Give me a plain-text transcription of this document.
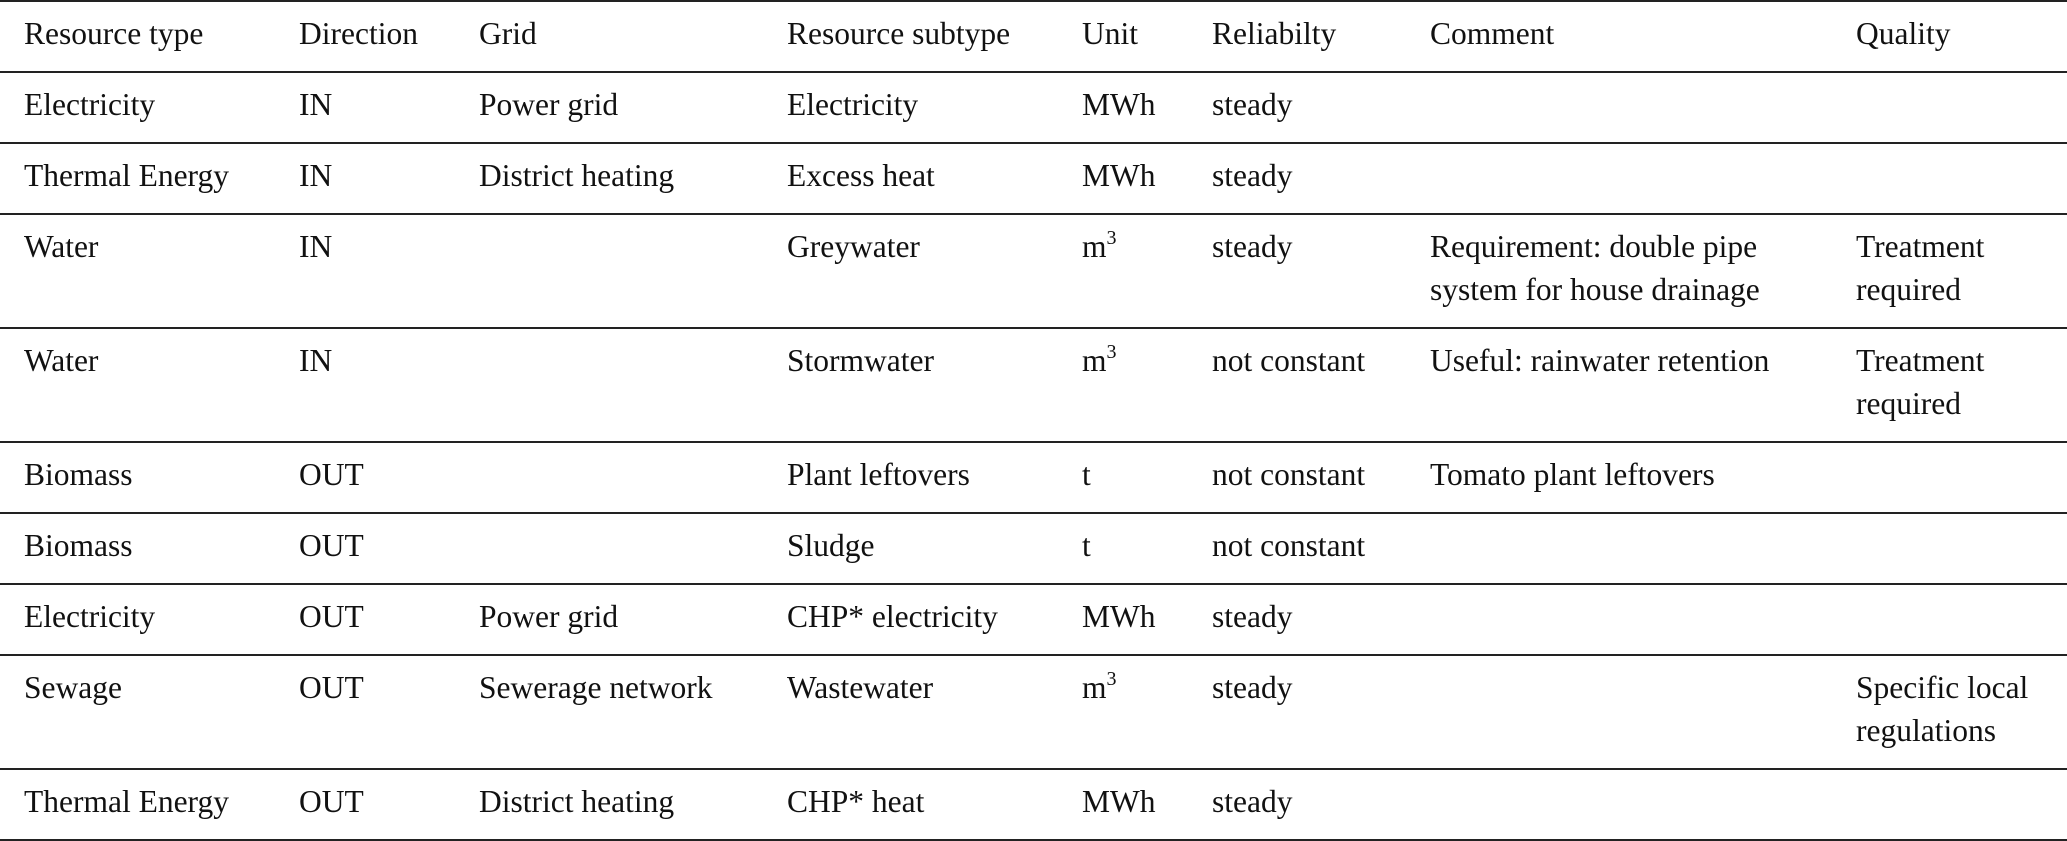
Resource type	Direction	Grid	Resource subtype	Unit	Reliabilty	Comment	Quality
Electricity	IN	Power grid	Electricity	MWh	steady		
Thermal Energy	IN	District heating	Excess heat	MWh	steady		
Water	IN		Greywater	$m^3$	steady	Requirement: double pipe system for house drainage	Treatment required
Water	IN		Stormwater	$m^3$	not constant	Useful: rainwater retention	Treatment required
Biomass	OUT		Plant leftovers	t	not constant	Tomato plant leftovers	
Biomass	OUT		Sludge	t	not constant		
Electricity	OUT	Power grid	CHP* electricity	MWh	steady		
Sewage	OUT	Sewerage network	Wastewater	$m^3$	steady		Specific local regulations
Thermal Energy	OUT	District heating	CHP* heat	MWh	steady		
